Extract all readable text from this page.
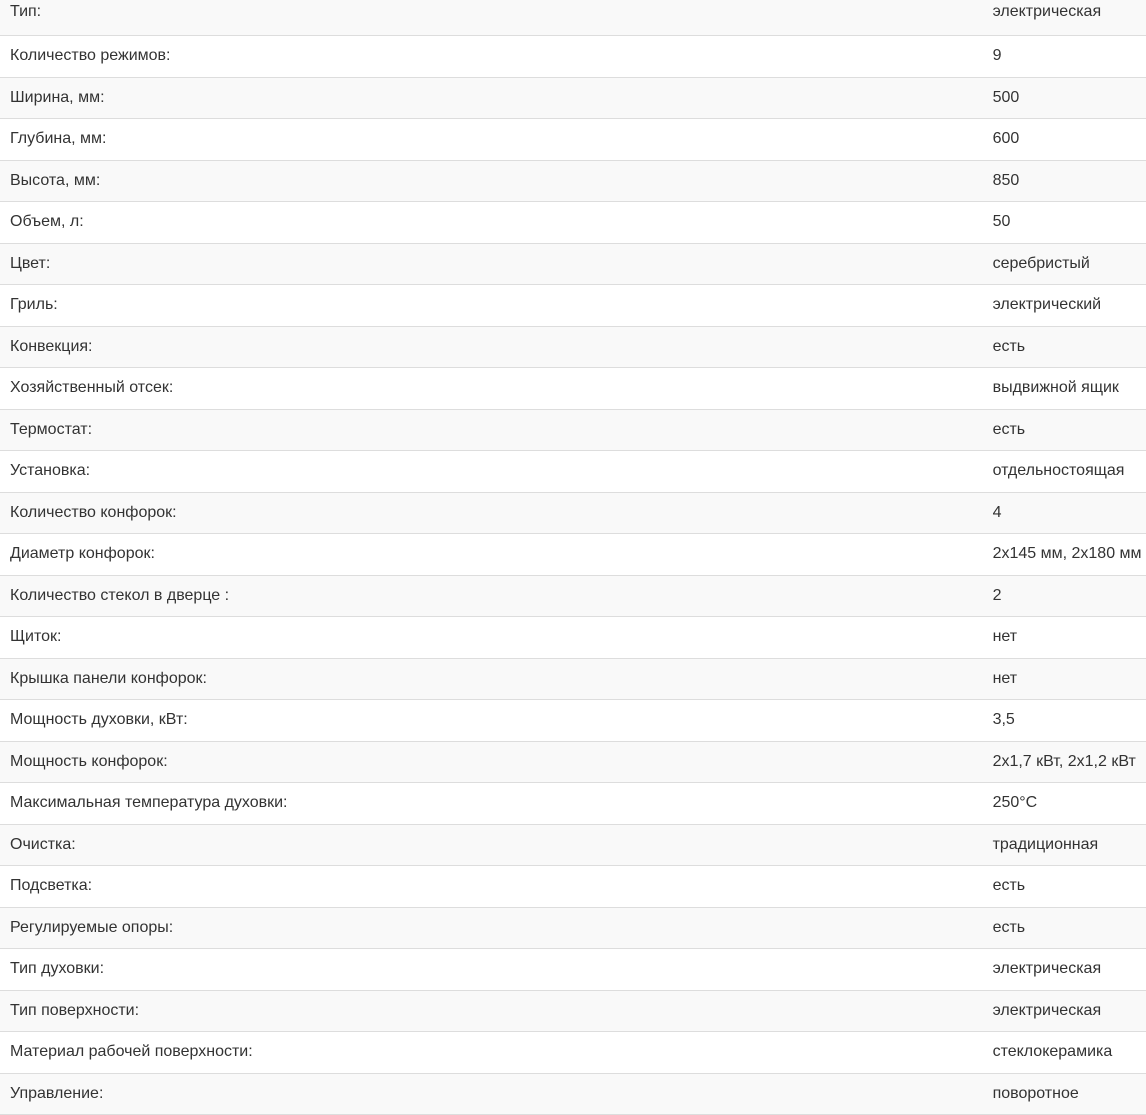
Тип:	электрическая
Количество режимов:	9
Ширина, мм:	500
Глубина, мм:	600
Высота, мм:	850
Объем, л:	50
Цвет:	серебристый
Гриль:	электрический
Конвекция:	есть
Хозяйственный отсек:	выдвижной ящик
Термостат:	есть
Установка:	отдельностоящая
Количество конфорок:	4
Диаметр конфорок:	2x145 мм, 2x180 мм
Количество стекол в дверце :	2
Щиток:	нет
Крышка панели конфорок:	нет
Мощность духовки, кВт:	3,5
Мощность конфорок:	2x1,7 кВт, 2x1,2 кВт
Максимальная температура духовки:	250°C
Очистка:	традиционная
Подсветка:	есть
Регулируемые опоры:	есть
Тип духовки:	электрическая
Тип поверхности:	электрическая
Материал рабочей поверхности:	стеклокерамика
Управление:	поворотное
